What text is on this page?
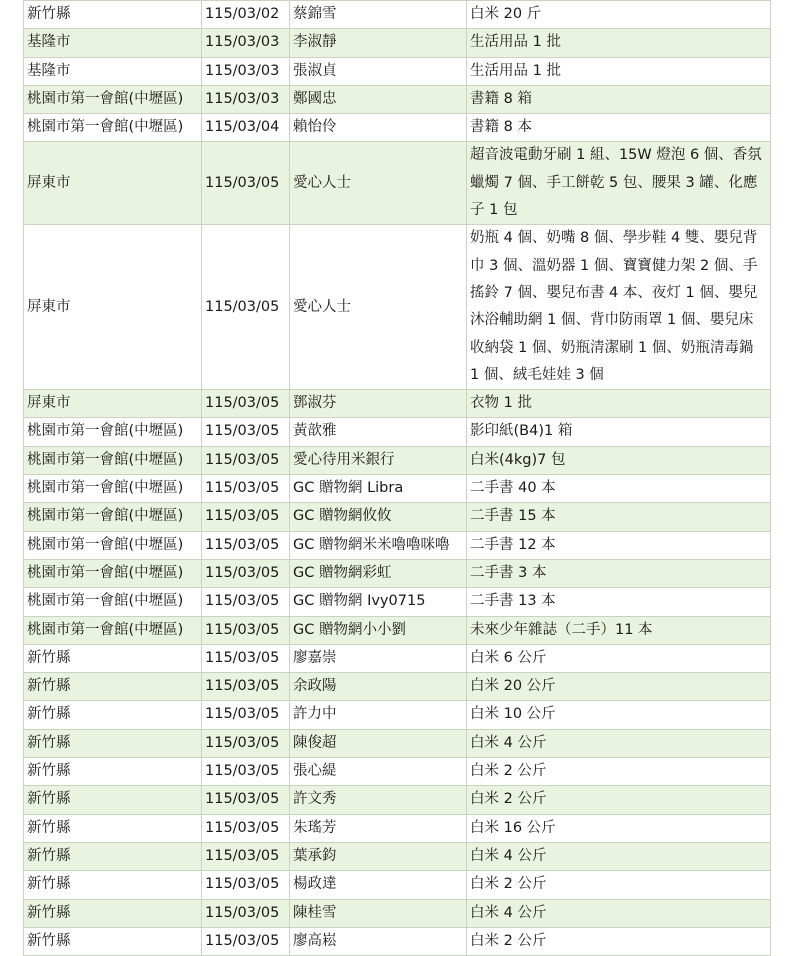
新竹縣	115/03/02	蔡錦雪	白米 20 斤
基隆市	115/03/03	李淑靜	生活用品 1 批
基隆市	115/03/03	張淑貞	生活用品 1 批
桃園市第一會館(中壢區)	115/03/03	鄭國忠	書籍 8 箱
桃園市第一會館(中壢區)	115/03/04	賴怡伶	書籍 8 本
屏東市	115/03/05	愛心人士	超音波電動牙刷 1 組、15W 燈泡 6 個、香氛蠟燭 7 個、手工餅乾 5 包、腰果 3 罐、化應子 1 包
屏東市	115/03/05	愛心人士	奶瓶 4 個、奶嘴 8 個、學步鞋 4 雙、嬰兒背巾 3 個、溫奶器 1 個、寶寶健力架 2 個、手搖鈴 7 個、嬰兒布書 4 本、夜灯 1 個、嬰兒沐浴輔助網 1 個、背巾防雨罩 1 個、嬰兒床收納袋 1 個、奶瓶清潔刷 1 個、奶瓶清毒鍋 1 個、絨毛娃娃 3 個
屏東市	115/03/05	鄧淑芬	衣物 1 批
桃園市第一會館(中壢區)	115/03/05	黃歆雅	影印紙(B4)1 箱
桃園市第一會館(中壢區)	115/03/05	愛心待用米銀行	白米(4kg)7 包
桃園市第一會館(中壢區)	115/03/05	GC 贈物網 Libra	二手書 40 本
桃園市第一會館(中壢區)	115/03/05	GC 贈物網攸攸	二手書 15 本
桃園市第一會館(中壢區)	115/03/05	GC 贈物網米米嚕嚕咪嚕	二手書 12 本
桃園市第一會館(中壢區)	115/03/05	GC 贈物網彩虹	二手書 3 本
桃園市第一會館(中壢區)	115/03/05	GC 贈物網 Ivy0715	二手書 13 本
桃園市第一會館(中壢區)	115/03/05	GC 贈物網小小劉	未來少年雜誌（二手）11 本
新竹縣	115/03/05	廖嘉崇	白米 6 公斤
新竹縣	115/03/05	余政陽	白米 20 公斤
新竹縣	115/03/05	許力中	白米 10 公斤
新竹縣	115/03/05	陳俊超	白米 4 公斤
新竹縣	115/03/05	張心緹	白米 2 公斤
新竹縣	115/03/05	許文秀	白米 2 公斤
新竹縣	115/03/05	朱瑤芳	白米 16 公斤
新竹縣	115/03/05	葉承鈞	白米 4 公斤
新竹縣	115/03/05	楊政達	白米 2 公斤
新竹縣	115/03/05	陳桂雪	白米 4 公斤
新竹縣	115/03/05	廖高崧	白米 2 公斤
